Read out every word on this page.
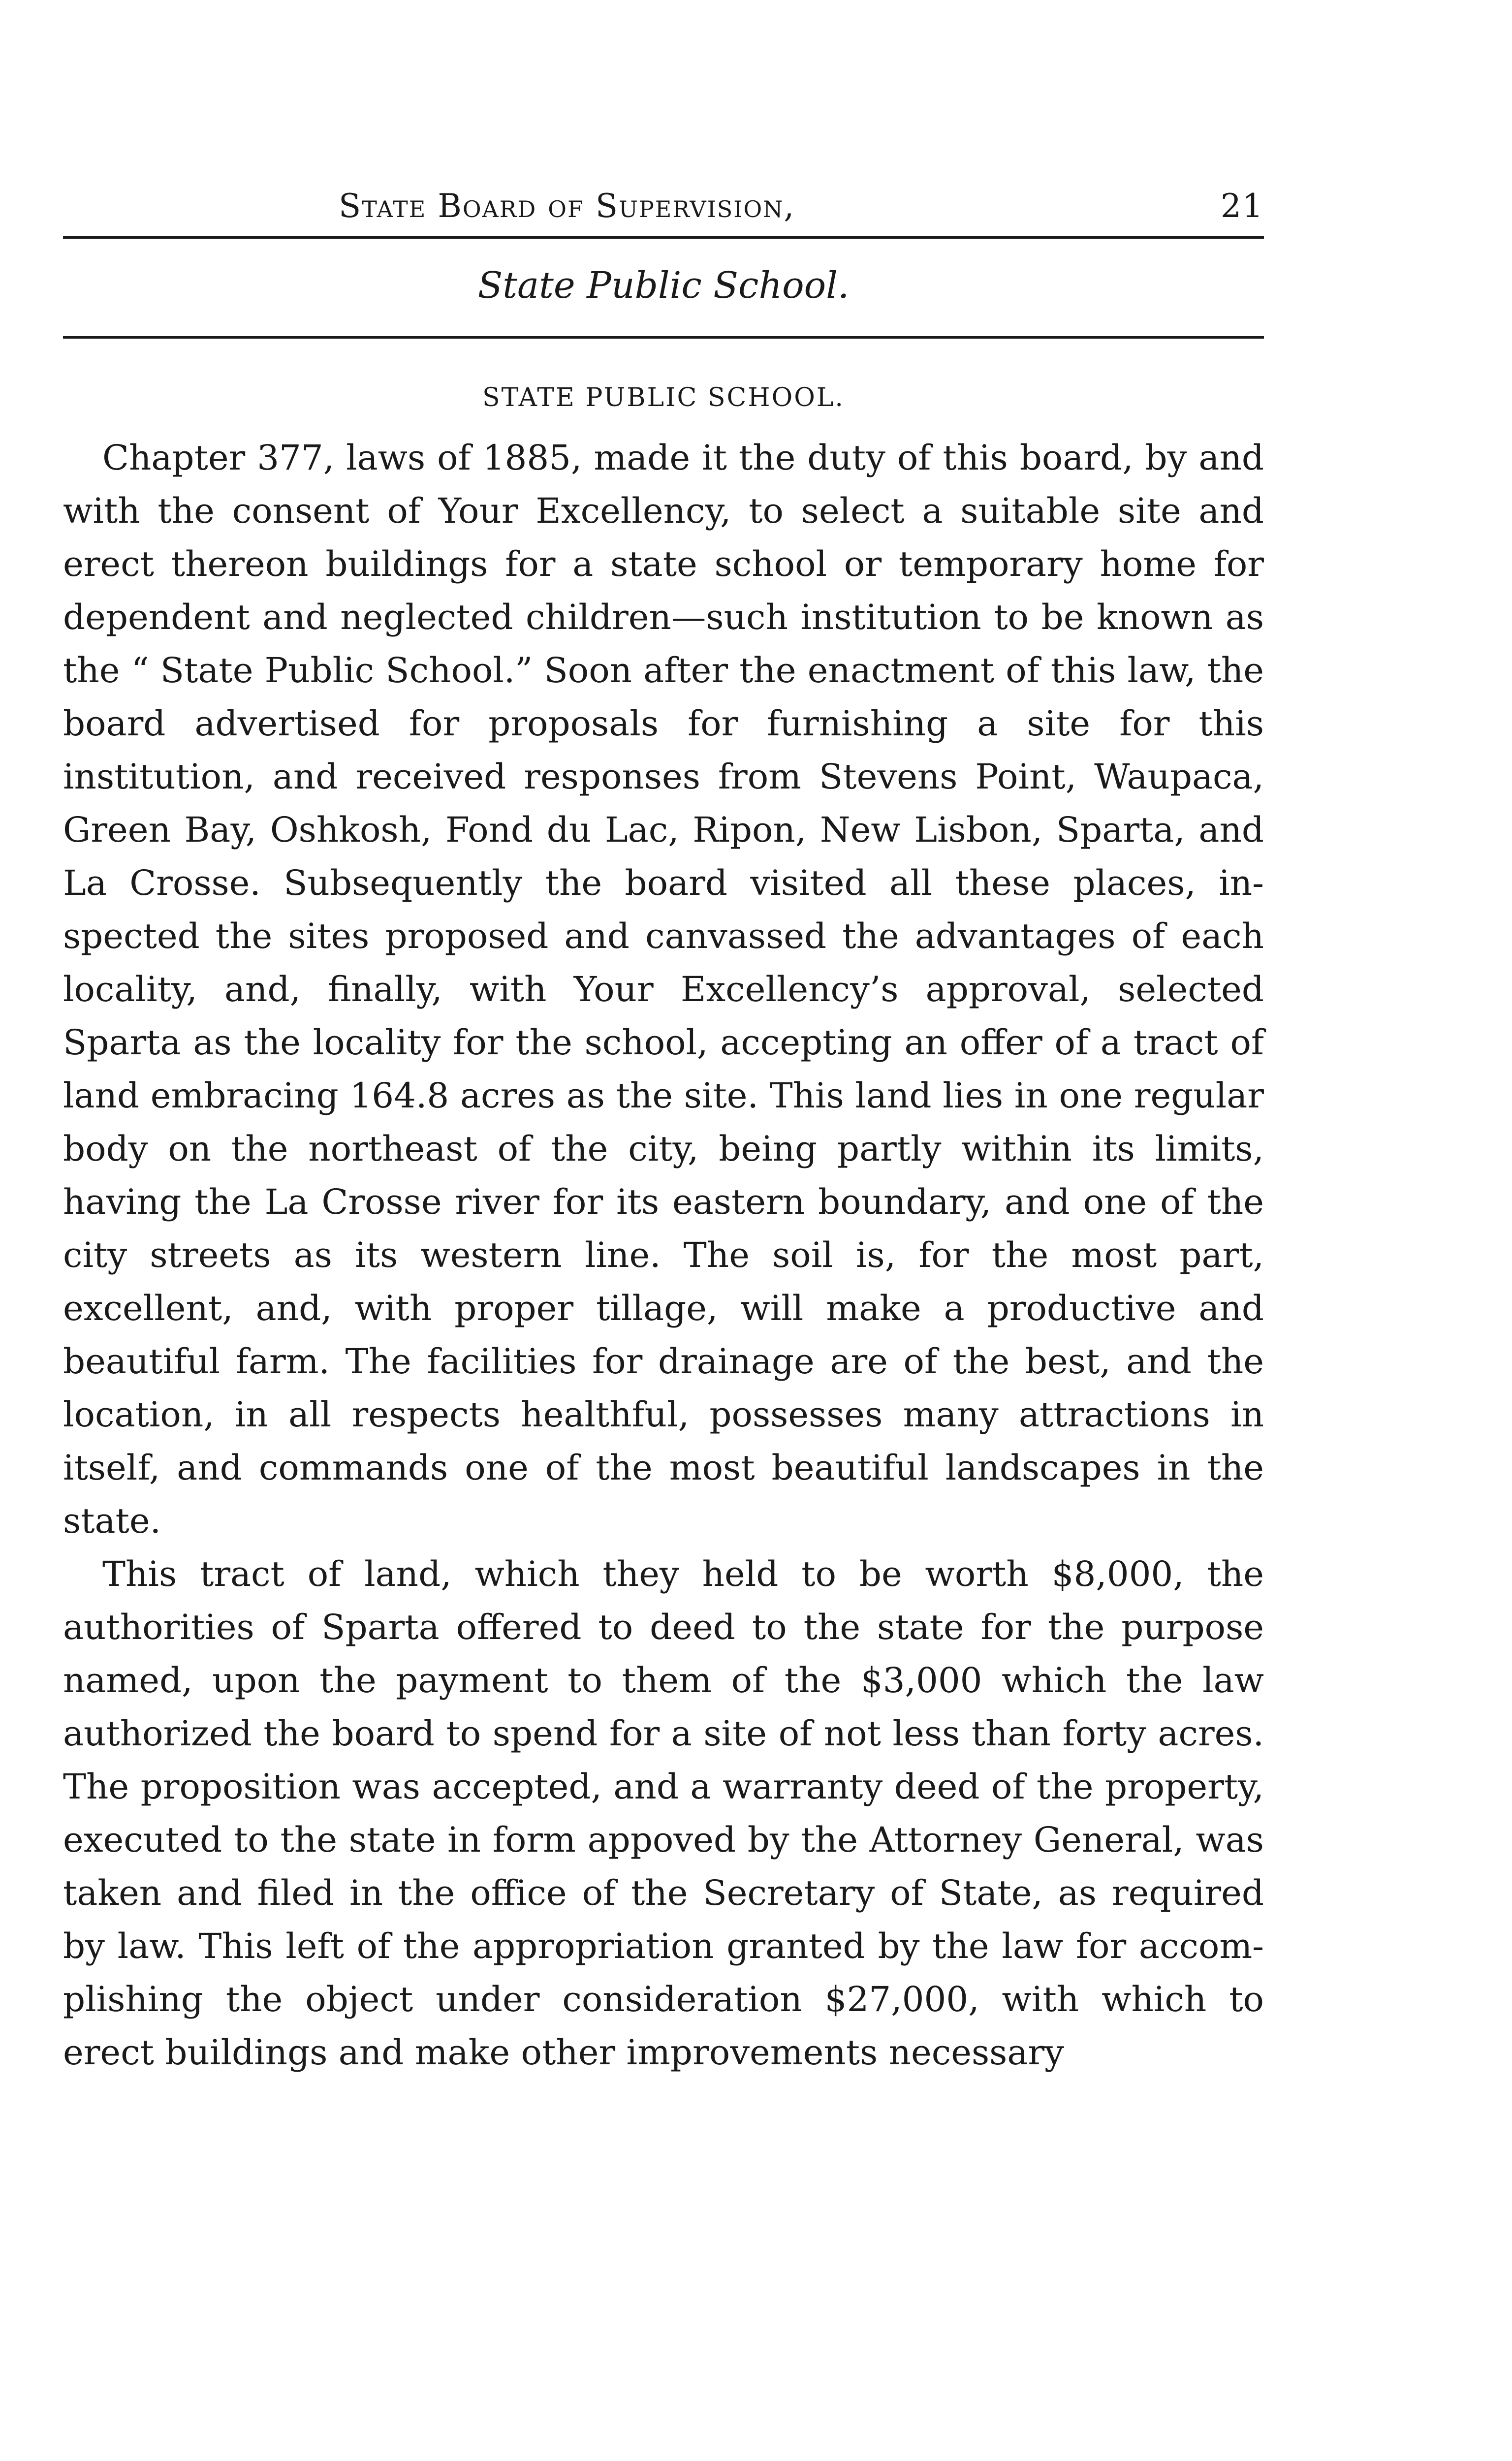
State Board of Supervision,	21
State Public School.
STATE PUBLIC SCHOOL.

Chapter 377, laws of 1885, made it the duty of this board, by and with the consent of Your Excellency, to select a suitable site and erect thereon buildings for a state school or temporary home for dependent and neglected children—such institution to be known as the “ State Public School.” Soon after the enactment of this law, the board advertised for proposals for furnishing a site for this institution, and received responses from Stevens Point, Waupaca, Green Bay, Oshkosh, Fond du Lac, Ripon, New Lisbon, Sparta, and La Crosse. Subsequently the board visited all these places, inspected the sites proposed and canvassed the advantages of each locality, and, finally, with Your Excellency’s approval, selected Sparta as the locality for the school, accepting an offer of a tract of land embracing 164.8 acres as the site. This land lies in one regular body on the northeast of the city, being partly within its limits, having the La Crosse river for its eastern boundary, and one of the city streets as its western line. The soil is, for the most part, excellent, and, with proper tillage, will make a productive and beautiful farm. The facilities for drainage are of the best, and the location, in all respects healthful, possesses many attractions in itself, and commands one of the most beautiful landscapes in the state.

This tract of land, which they held to be worth $8,000, the authorities of Sparta offered to deed to the state for the purpose named, upon the payment to them of the $3,000 which the law authorized the board to spend for a site of not less than forty acres. The proposition was accepted, and a warranty deed of the property, executed to the state in form appoved by the Attorney General, was taken and filed in the office of the Secretary of State, as required by law. This left of the appropriation granted by the law for accomplishing the object under consideration $27,000, with which to erect buildings and make other improvements necessary
